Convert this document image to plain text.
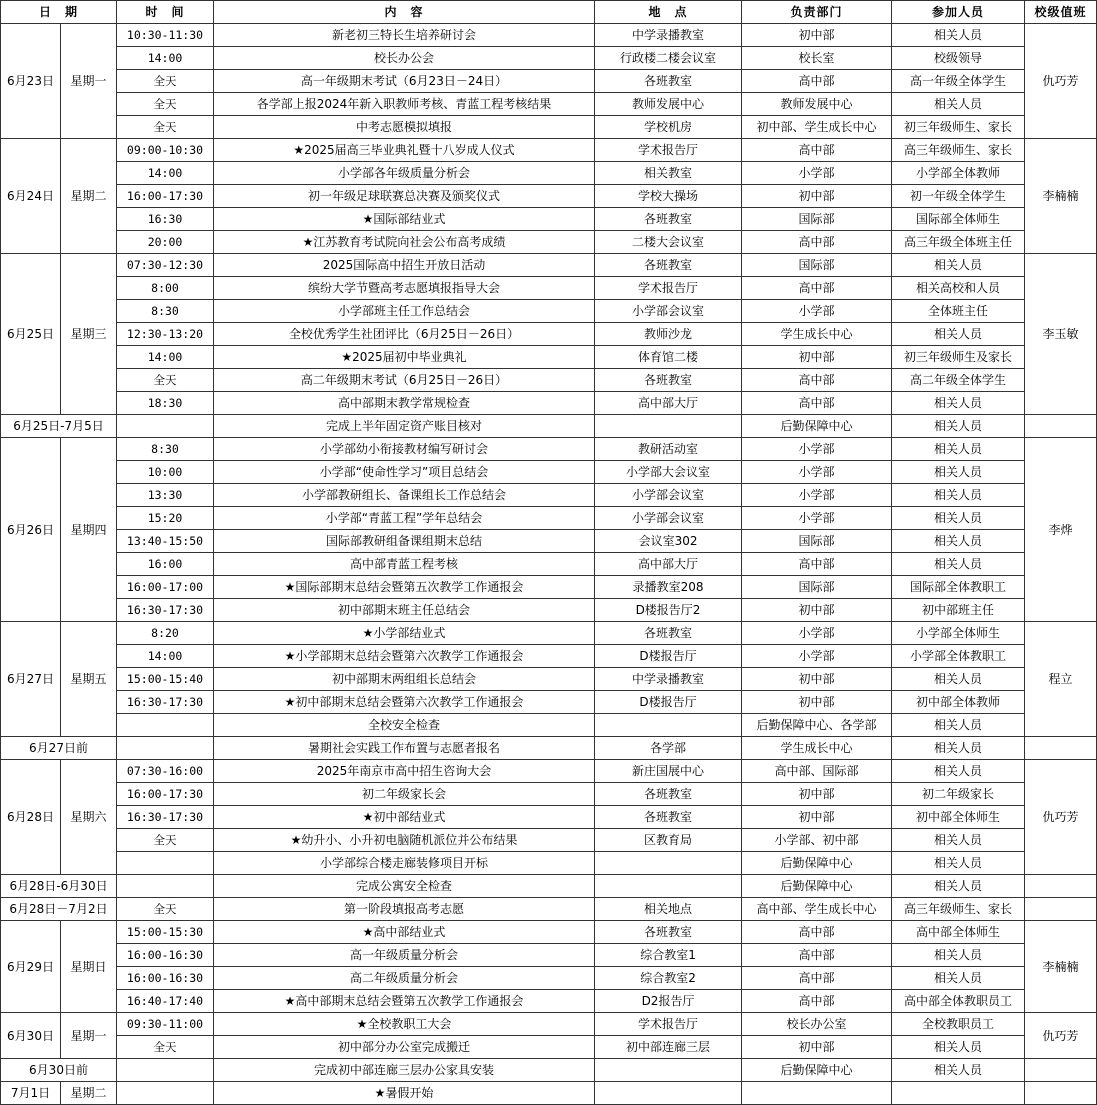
日　期		时　间	内　容	地　点	负责部门	参加人员	校级值班
6月23日	星期一	10:30-11:30	新老初三特长生培养研讨会	中学录播教室	初中部	相关人员	仇巧芳
		14:00	校长办公会	行政楼二楼会议室	校长室	校级领导	
		全天	高一年级期末考试（6月23日－24日）	各班教室	高中部	高一年级全体学生	
		全天	各学部上报2024年新入职教师考核、青蓝工程考核结果	教师发展中心	教师发展中心	相关人员	
		全天	中考志愿模拟填报	学校机房	初中部、学生成长中心	初三年级师生、家长	
6月24日	星期二	09:00-10:30	★2025届高三毕业典礼暨十八岁成人仪式	学术报告厅	高中部	高三年级师生、家长	李楠楠
		14:00	小学部各年级质量分析会	相关教室	小学部	小学部全体教师	
		16:00-17:30	初一年级足球联赛总决赛及颁奖仪式	学校大操场	初中部	初一年级全体学生	
		16:30	★国际部结业式	各班教室	国际部	国际部全体师生	
		20:00	★江苏教育考试院向社会公布高考成绩	二楼大会议室	高中部	高三年级全体班主任	
6月25日	星期三	07:30-12:30	2025国际高中招生开放日活动	各班教室	国际部	相关人员	李玉敏
		8:00	缤纷大学节暨高考志愿填报指导大会	学术报告厅	高中部	相关高校和人员	
		8:30	小学部班主任工作总结会	小学部会议室	小学部	全体班主任	
		12:30-13:20	全校优秀学生社团评比（6月25日－26日）	教师沙龙	学生成长中心	相关人员	
		14:00	★2025届初中毕业典礼	体育馆二楼	初中部	初三年级师生及家长	
		全天	高二年级期末考试（6月25日－26日）	各班教室	高中部	高二年级全体学生	
		18:30	高中部期末教学常规检查	高中部大厅	高中部	相关人员	
6月25日-7月5日			完成上半年固定资产账目核对		后勤保障中心	相关人员	
6月26日	星期四	8:30	小学部幼小衔接教材编写研讨会	教研活动室	小学部	相关人员	李烨
		10:00	小学部“使命性学习”项目总结会	小学部大会议室	小学部	相关人员	
		13:30	小学部教研组长、备课组长工作总结会	小学部会议室	小学部	相关人员	
		15:20	小学部“青蓝工程”学年总结会	小学部会议室	小学部	相关人员	
		13:40-15:50	国际部教研组备课组期末总结	会议室302	国际部	相关人员	
		16:00	高中部青蓝工程考核	高中部大厅	高中部	相关人员	
		16:00-17:00	★国际部期末总结会暨第五次教学工作通报会	录播教室208	国际部	国际部全体教职工	
		16:30-17:30	初中部期末班主任总结会	D楼报告厅2	初中部	初中部班主任	
6月27日	星期五	8:20	★小学部结业式	各班教室	小学部	小学部全体师生	程立
		14:00	★小学部期末总结会暨第六次教学工作通报会	D楼报告厅	小学部	小学部全体教职工	
		15:00-15:40	初中部期末两组组长总结会	中学录播教室	初中部	相关人员	
		16:30-17:30	★初中部期末总结会暨第六次教学工作通报会	D楼报告厅	初中部	初中部全体教师	
			全校安全检查		后勤保障中心、各学部	相关人员	
6月27日前			暑期社会实践工作布置与志愿者报名	各学部	学生成长中心	相关人员	
6月28日	星期六	07:30-16:00	2025年南京市高中招生咨询大会	新庄国展中心	高中部、国际部	相关人员	仇巧芳
		16:00-17:30	初二年级家长会	各班教室	初中部	初二年级家长	
		16:30-17:30	★初中部结业式	各班教室	初中部	初中部全体师生	
		全天	★幼升小、小升初电脑随机派位并公布结果	区教育局	小学部、初中部	相关人员	
			小学部综合楼走廊装修项目开标		后勤保障中心	相关人员	
6月28日-6月30日			完成公寓安全检查		后勤保障中心	相关人员	
6月28日－7月2日		全天	第一阶段填报高考志愿	相关地点	高中部、学生成长中心	高三年级师生、家长	
6月29日	星期日	15:00-15:30	★高中部结业式	各班教室	高中部	高中部全体师生	李楠楠
		16:00-16:30	高一年级质量分析会	综合教室1	高中部	相关人员	
		16:00-16:30	高二年级质量分析会	综合教室2	高中部	相关人员	
		16:40-17:40	★高中部期末总结会暨第五次教学工作通报会	D2报告厅	高中部	高中部全体教职员工	
6月30日	星期一	09:30-11:00	★全校教职工大会	学术报告厅	校长办公室	全校教职员工	仇巧芳
		全天	初中部分办公室完成搬迁	初中部连廊三层	初中部	相关人员	
6月30日前			完成初中部连廊三层办公家具安装		后勤保障中心	相关人员	
7月1日	星期二		★暑假开始				
